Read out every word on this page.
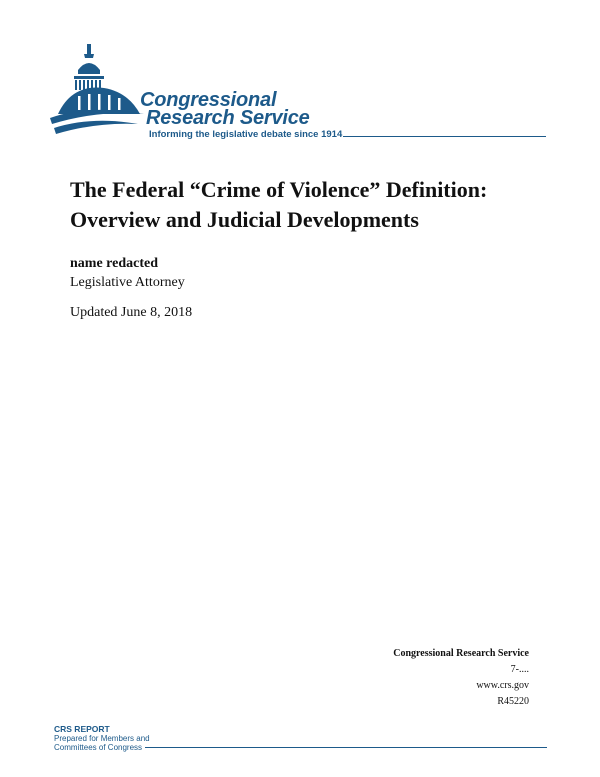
Congressional
Research Service
Informing the legislative debate since 1914
The Federal “Crime of Violence” Definition:
Overview and Judicial Developments
name redacted
Legislative Attorney
Updated June 8, 2018
Congressional Research Service
7-....
www.crs.gov
R45220
CRS REPORT
Prepared for Members and
Committees of Congress
